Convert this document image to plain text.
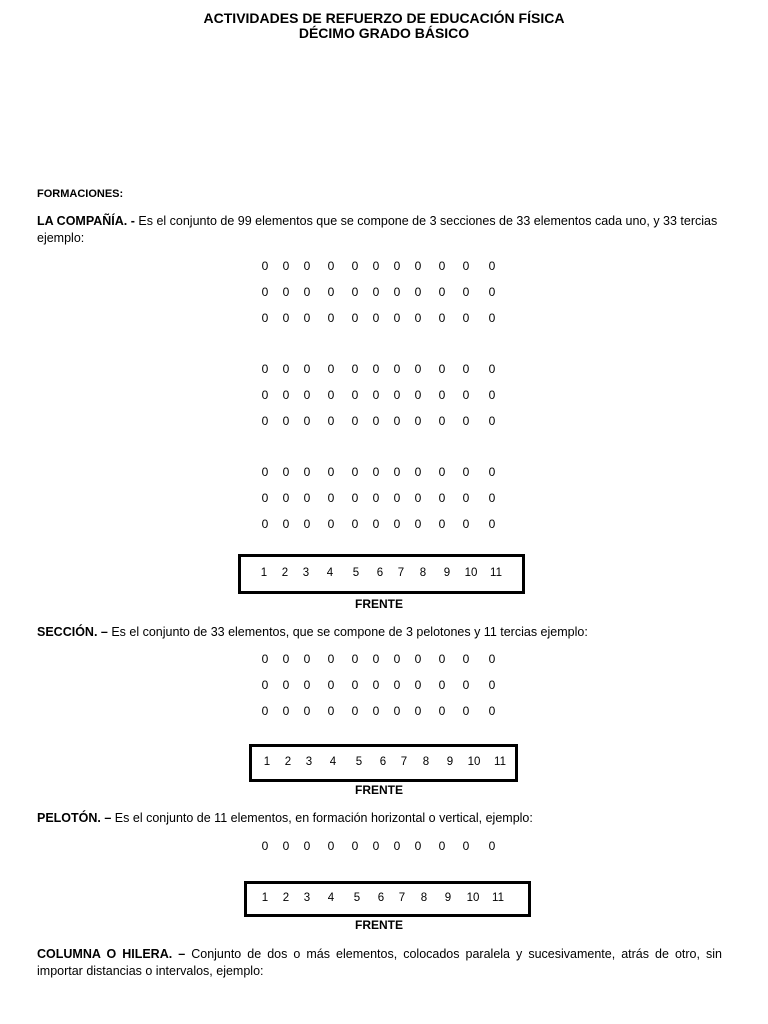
ACTIVIDADES DE REFUERZO DE EDUCACIÓN FÍSICA
DÉCIMO GRADO BÁSICO
FORMACIONES:
LA COMPAÑÍA. - Es el conjunto de 99 elementos que se compone de 3 secciones de 33 elementos cada uno, y 33 tercias ejemplo:
0 0 0 0 0 0 0 0 0 0 0
0 0 0 0 0 0 0 0 0 0 0
0 0 0 0 0 0 0 0 0 0 0
0 0 0 0 0 0 0 0 0 0 0
0 0 0 0 0 0 0 0 0 0 0
0 0 0 0 0 0 0 0 0 0 0
0 0 0 0 0 0 0 0 0 0 0
0 0 0 0 0 0 0 0 0 0 0
0 0 0 0 0 0 0 0 0 0 0
1 2 3 4 5 6 7 8 9 10 11
FRENTE
SECCIÓN. – Es el conjunto de 33 elementos, que se compone de 3 pelotones y 11 tercias ejemplo:
0 0 0 0 0 0 0 0 0 0 0
0 0 0 0 0 0 0 0 0 0 0
0 0 0 0 0 0 0 0 0 0 0
1 2 3 4 5 6 7 8 9 10 11
FRENTE
PELOTÓN. – Es el conjunto de 11 elementos, en formación horizontal o vertical, ejemplo:
0 0 0 0 0 0 0 0 0 0 0
1 2 3 4 5 6 7 8 9 10 11
FRENTE
COLUMNA O HILERA. – Conjunto de dos o más elementos, colocados paralela y sucesivamente, atrás de otro, sin importar distancias o intervalos, ejemplo:
